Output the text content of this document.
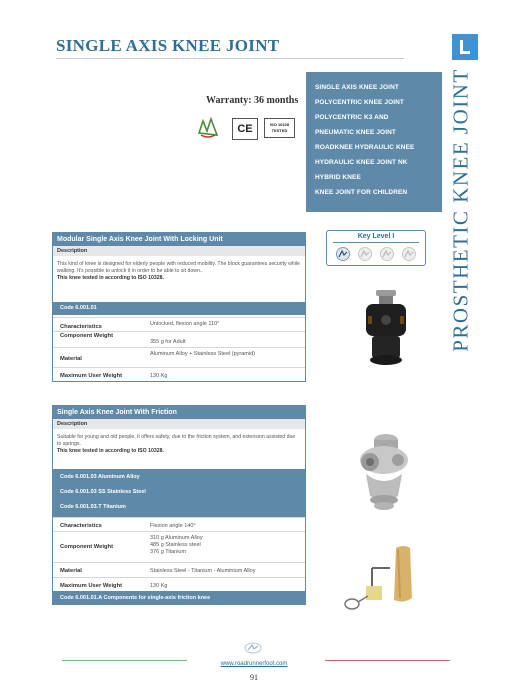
SINGLE AXIS KNEE JOINT
PROSTHETIC KNEE JOINT
Warranty: 36 months
CE	ISO 10328
TESTED
SINGLE AXIS KNEE JOINT
POLYCENTRIC KNEE JOINT
POLYCENTRIC K3 AND
PNEUMATIC KNEE JOINT
ROADKNEE HYDRAULIC KNEE
HYDRAULIC KNEE JOINT NK
HYBRID KNEE
KNEE JOINT FOR CHILDREN
Key Level I
Modular Single Axis Knee Joint With Locking Unit
Description
This kind of knee is designed for elderly people with reduced mobility. The block guarantees security while walking. It's possible to unlock it in order to be able to sit down..
This knee tested in according to ISO 10328.
Code 6.001.01
Characteristics	Unlocked, flexion angle 110°
Component Weight
355 g for Adult
Material
Aluminum Alloy + Stainless Steel (pyramid)
Maximum User Weight	130 Kg
Single Axis Knee Joint With Friction
Description
Suitable for young and old people, it offers safety, due to the friction system, and extension assisted due to springs.
This knee tested in according to ISO 10328.
Code 6.001.03 Aluminum Alloy
Code 6.001.03 SS Stainless Steel
Code 6.001.03.T Titanium
Characteristics	Flexion angle 140°
Component Weight
310 g Aluminum Alloy
485 g Stainless steel
376 g Titanium
Material	Stainless Steel - Titanium - Aluminium Alloy
Maximum User Weight	130 Kg
Code 6.001.01.A Components for single-axis friction knee
www.roadrunnerfoot.com
91
